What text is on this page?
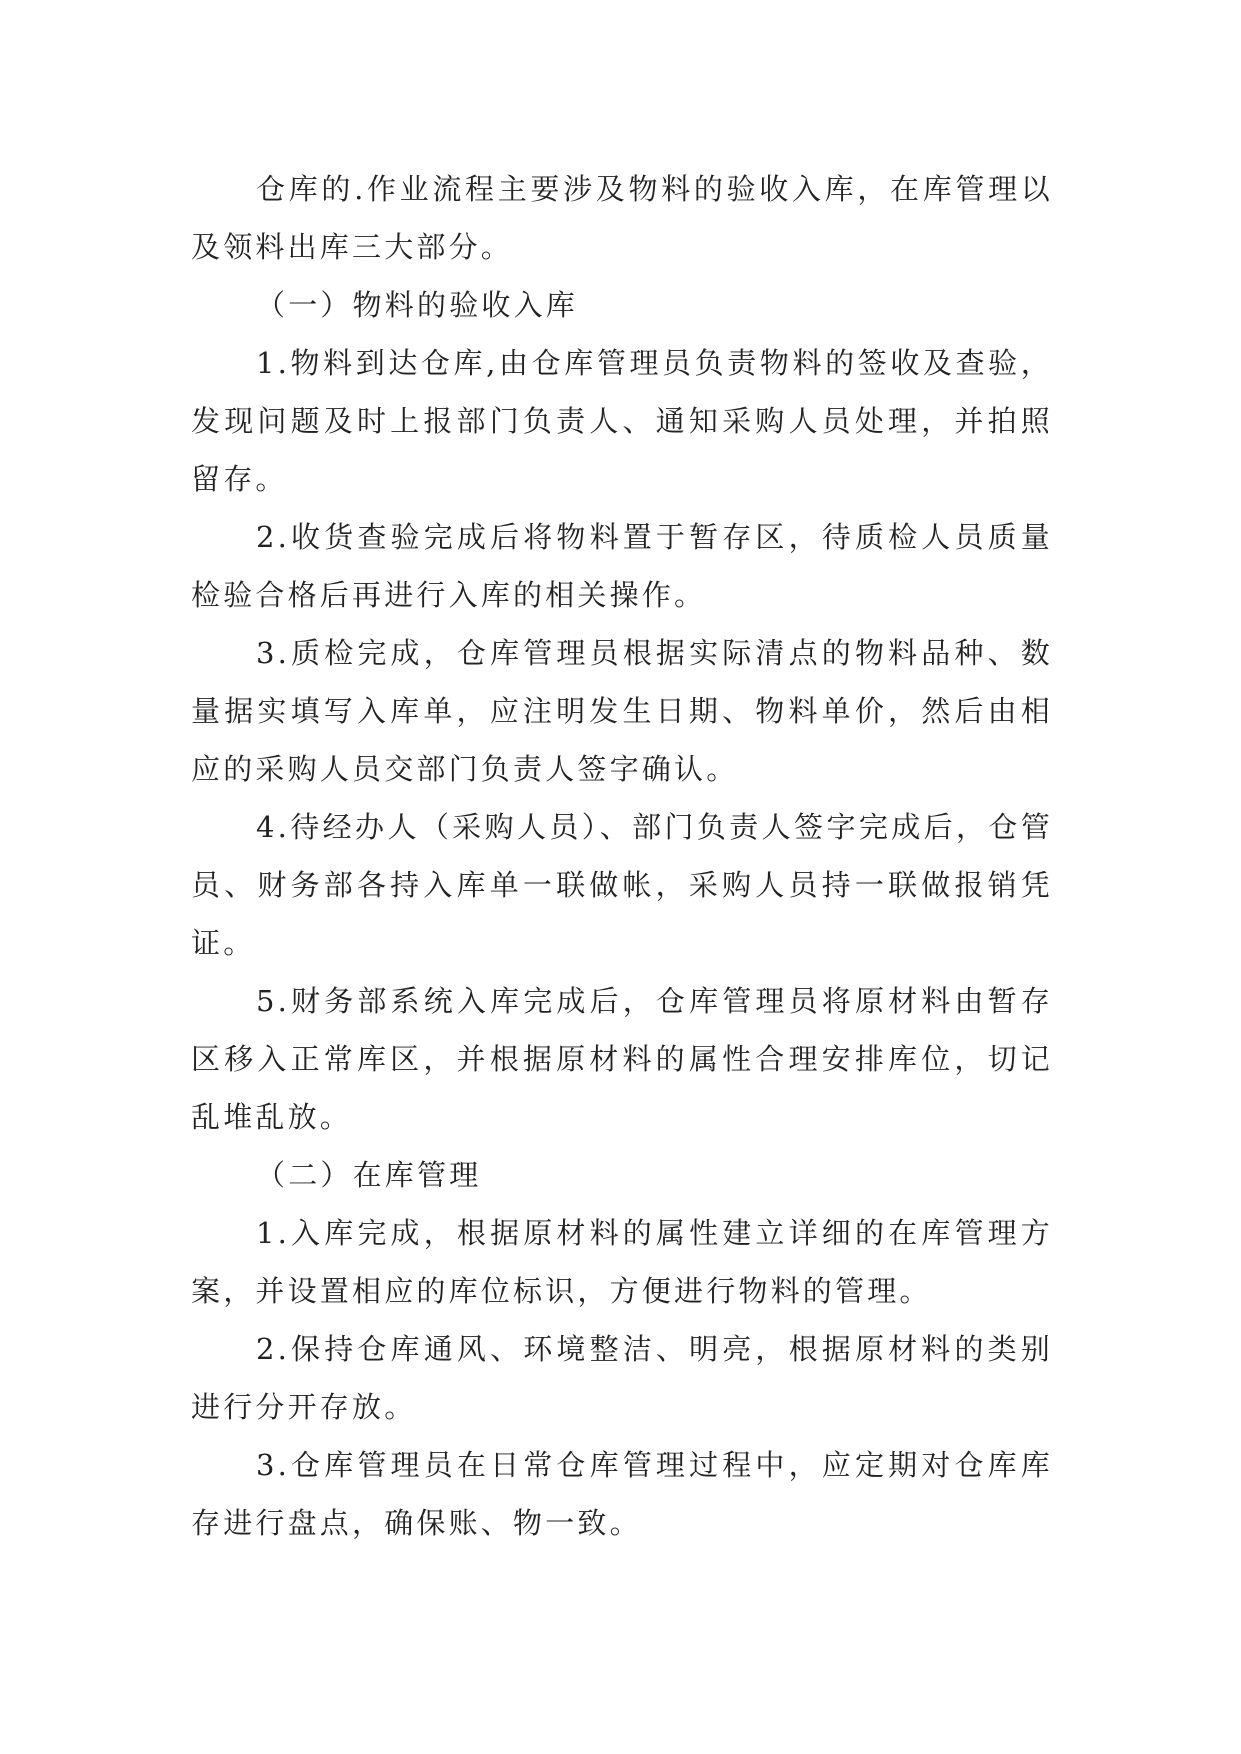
仓库的.作业流程主要涉及物料的验收入库，在库管理以及领料出库三大部分。

（一）物料的验收入库

1.物料到达仓库,由仓库管理员负责物料的签收及查验，发现问题及时上报部门负责人、通知采购人员处理，并拍照留存。

2.收货查验完成后将物料置于暂存区，待质检人员质量检验合格后再进行入库的相关操作。

3.质检完成，仓库管理员根据实际清点的物料品种、数量据实填写入库单，应注明发生日期、物料单价，然后由相应的采购人员交部门负责人签字确认。

4.待经办人（采购人员）、部门负责人签字完成后，仓管员、财务部各持入库单一联做帐，采购人员持一联做报销凭证。

5.财务部系统入库完成后，仓库管理员将原材料由暂存区移入正常库区，并根据原材料的属性合理安排库位，切记乱堆乱放。

（二）在库管理

1.入库完成，根据原材料的属性建立详细的在库管理方案，并设置相应的库位标识，方便进行物料的管理。

2.保持仓库通风、环境整洁、明亮，根据原材料的类别进行分开存放。

3.仓库管理员在日常仓库管理过程中，应定期对仓库库存进行盘点，确保账、物一致。
